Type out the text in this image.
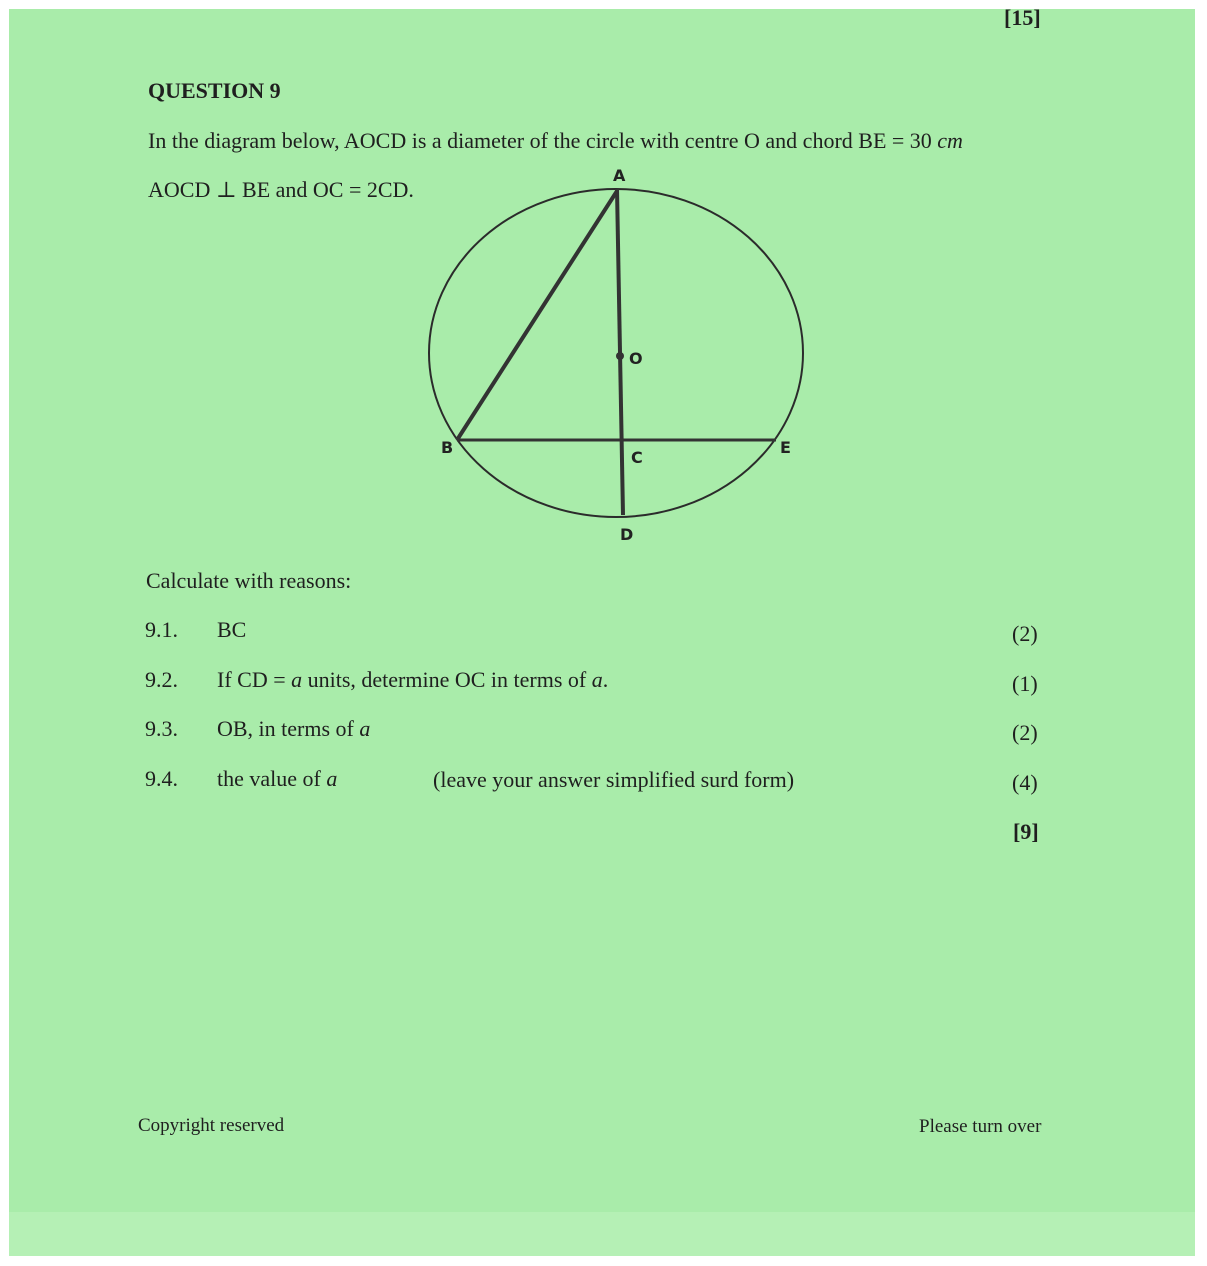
[15]
QUESTION 9
In the diagram below, AOCD is a diameter of the circle with centre O and chord BE = 30 cm
AOCD ⊥ BE and OC = 2CD.
A
O
B
C
E
D
Calculate with reasons:
9.1. BC	(2)
9.2. If CD = a units, determine OC in terms of a.	(1)
9.3. OB, in terms of a	(2)
9.4. the value of a	(leave your answer simplified surd form)	(4)
[9]
Copyright reserved	Please turn over
